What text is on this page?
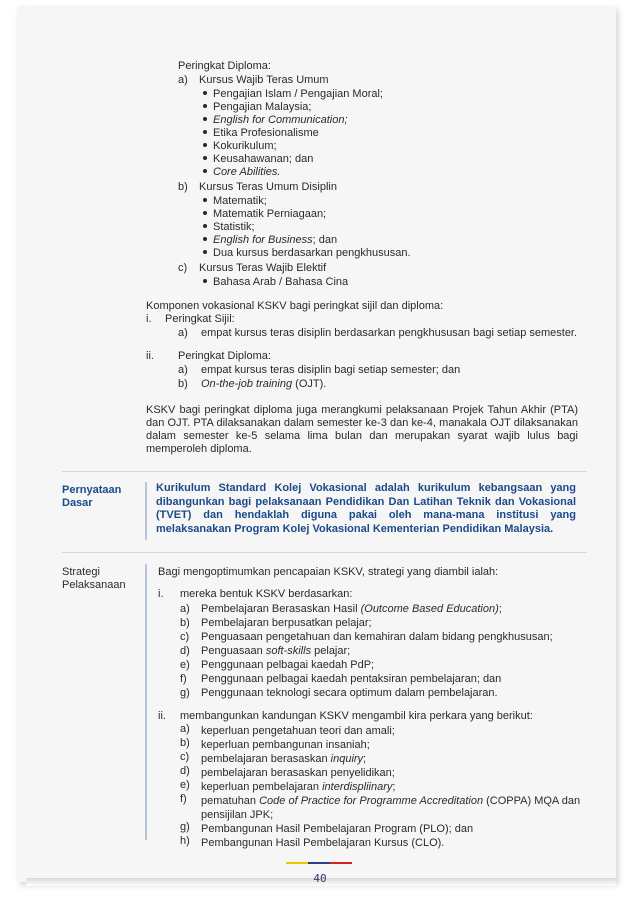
Peringkat Diploma:
a) Kursus Wajib Teras Umum
Pengajian Islam / Pengajian Moral;
Pengajian Malaysia;
English for Communication;
Etika Profesionalisme
Kokurikulum;
Keusahawanan; dan
Core Abilities.
b) Kursus Teras Umum Disiplin
Matematik;
Matematik Perniagaan;
Statistik;
English for Business; dan
Dua kursus berdasarkan pengkhususan.
c) Kursus Teras Wajib Elektif
Bahasa Arab / Bahasa Cina
Komponen vokasional KSKV bagi peringkat sijil dan diploma:
i. Peringkat Sijil:
a) empat kursus teras disiplin berdasarkan pengkhususan bagi setiap semester.
ii. Peringkat Diploma:
a) empat kursus teras disiplin bagi setiap semester; dan
b) On-the-job training (OJT).
KSKV bagi peringkat diploma juga merangkumi pelaksanaan Projek Tahun Akhir (PTA) dan OJT. PTA dilaksanakan dalam semester ke-3 dan ke-4, manakala OJT dilaksanakan dalam semester ke-5 selama lima bulan dan merupakan syarat wajib lulus bagi memperoleh diploma.
Pernyataan
Dasar
Kurikulum Standard Kolej Vokasional adalah kurikulum kebangsaan yang dibangunkan bagi pelaksanaan Pendidikan Dan Latihan Teknik dan Vokasional (TVET) dan hendaklah diguna pakai oleh mana-mana institusi yang melaksanakan Program Kolej Vokasional Kementerian Pendidikan Malaysia.
Strategi
Pelaksanaan
Bagi mengoptimumkan pencapaian KSKV, strategi yang diambil ialah:
i. mereka bentuk KSKV berdasarkan:
a) Pembelajaran Berasaskan Hasil (Outcome Based Education);
b) Pembelajaran berpusatkan pelajar;
c) Penguasaan pengetahuan dan kemahiran dalam bidang pengkhususan;
d) Penguasaan soft-skills pelajar;
e) Penggunaan pelbagai kaedah PdP;
f) Penggunaan pelbagai kaedah pentaksiran pembelajaran; dan
g) Penggunaan teknologi secara optimum dalam pembelajaran.
ii. membangunkan kandungan KSKV mengambil kira perkara yang berikut:
a) keperluan pengetahuan teori dan amali;
b) keperluan pembangunan insaniah;
c) pembelajaran berasaskan inquiry;
d) pembelajaran berasaskan penyelidikan;
e) keperluan pembelajaran interdispliinary;
f) pematuhan Code of Practice for Programme Accreditation (COPPA) MQA dan
pensijilan JPK;
g) Pembangunan Hasil Pembelajaran Program (PLO); dan
h) Pembangunan Hasil Pembelajaran Kursus (CLO).
40
